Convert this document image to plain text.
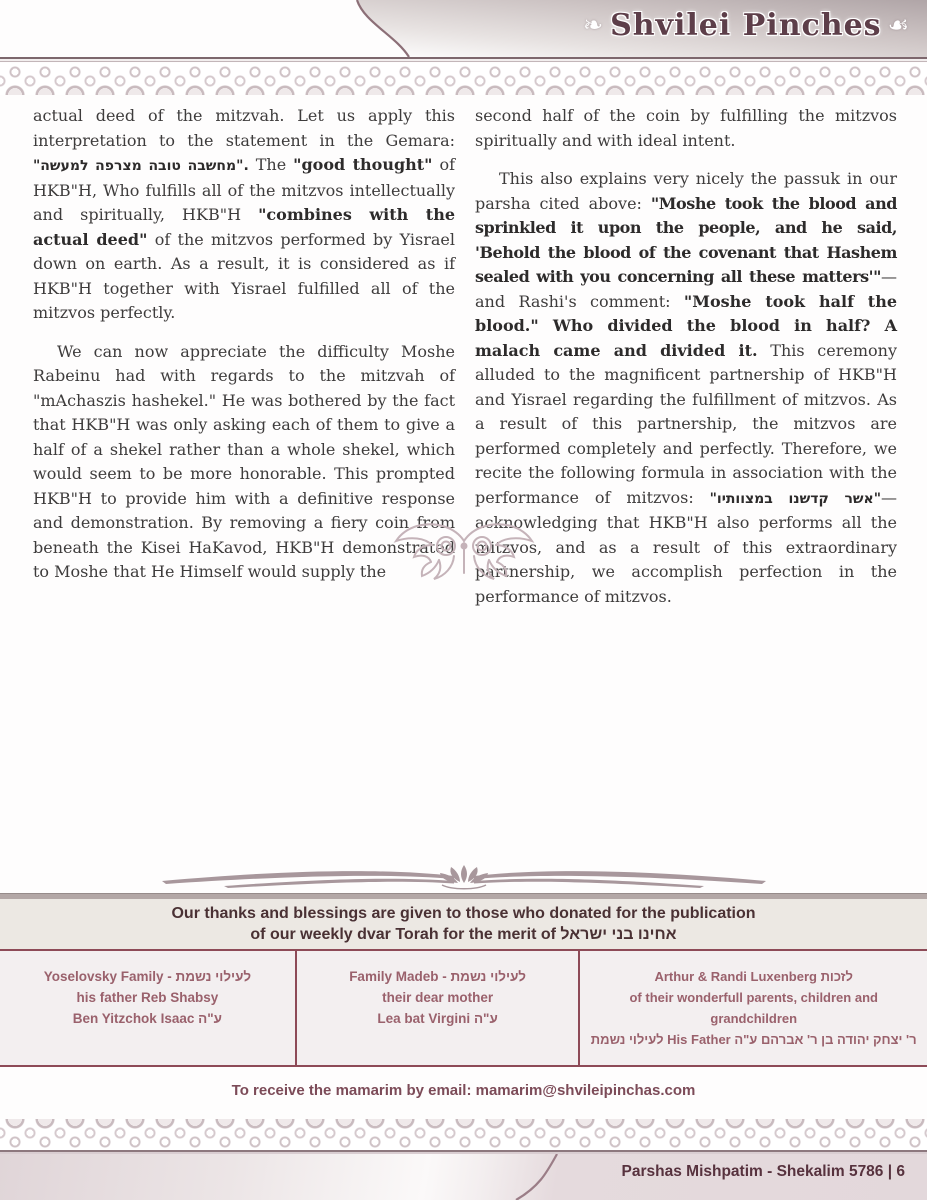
❧ Shvilei Pinches ☙

actual deed of the mitzvah. Let us apply this interpretation to the statement in the Gemara: "מחשבה טובה מצרפה למעשה". The "good thought" of HKB"H, Who fulfills all of the mitzvos intellectually and spiritually, HKB"H "combines with the actual deed" of the mitzvos performed by Yisrael down on earth. As a result, it is considered as if HKB"H together with Yisrael fulfilled all of the mitzvos perfectly.

We can now appreciate the difficulty Moshe Rabeinu had with regards to the mitzvah of "mAchaszis hashekel." He was bothered by the fact that HKB"H was only asking each of them to give a half of a shekel rather than a whole shekel, which would seem to be more honorable. This prompted HKB"H to provide him with a definitive response and demonstration. By removing a fiery coin from beneath the Kisei HaKavod, HKB"H demonstrated to Moshe that He Himself would supply the

second half of the coin by fulfilling the mitzvos spiritually and with ideal intent.

This also explains very nicely the passuk in our parsha cited above: "Moshe took the blood and sprinkled it upon the people, and he said, 'Behold the blood of the covenant that Hashem sealed with you concerning all these matters'"—and Rashi's comment: "Moshe took half the blood." Who divided the blood in half? A malach came and divided it. This ceremony alluded to the magnificent partnership of HKB"H and Yisrael regarding the fulfillment of mitzvos. As a result of this partnership, the mitzvos are performed completely and perfectly. Therefore, we recite the following formula in association with the performance of mitzvos: "אשר קדשנו במצוותיו"—acknowledging that HKB"H also performs all the mitzvos, and as a result of this extraordinary partnership, we accomplish perfection in the performance of mitzvos.

Our thanks and blessings are given to those who donated for the publication
of our weekly dvar Torah for the merit of אחינו בני ישראל
Yoselovsky Family - לעילוי נשמת
his father Reb Shabsy
Ben Yitzchok Isaac ע"ה
Family Madeb - לעילוי נשמת
their dear mother
Lea bat Virgini ע"ה
Arthur & Randi Luxenberg לזכות
of their wonderfull parents, children and grandchildren
לעילוי נשמת His Father ר' יצחק יהודה בן ר' אברהם ע"ה
To receive the mamarim by email: mamarim@shvileipinchas.com
Parshas Mishpatim - Shekalim 5786 | 6
